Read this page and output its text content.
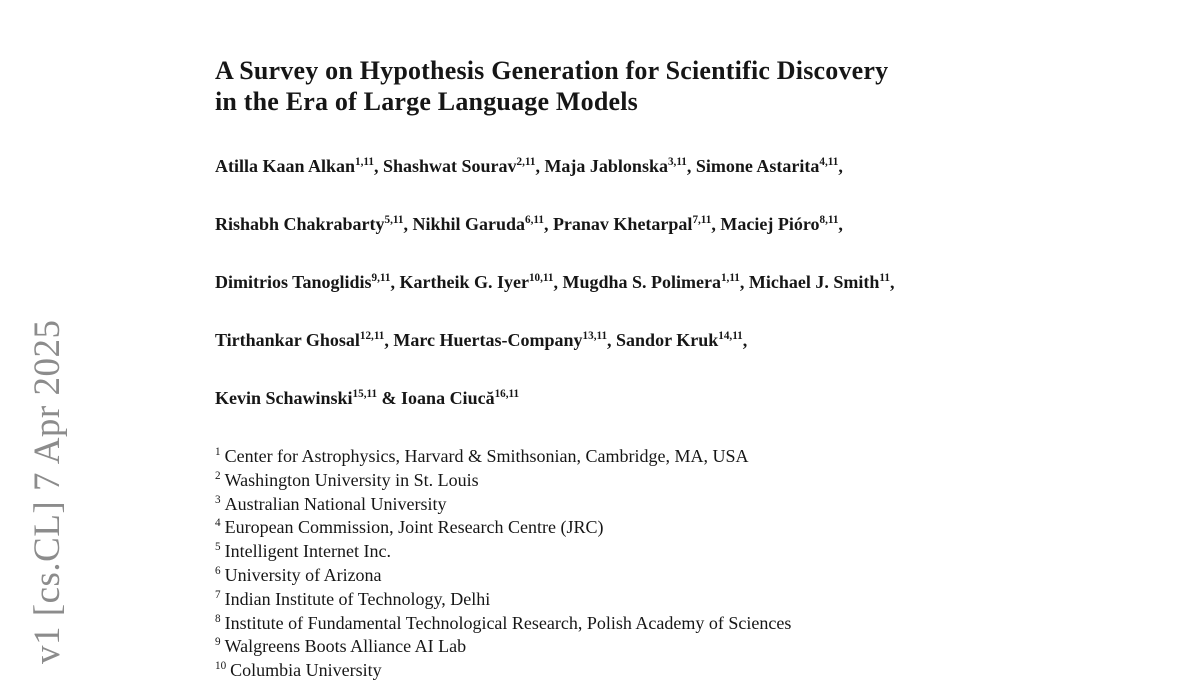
v1 [cs.CL] 7 Apr 2025
A Survey on Hypothesis Generation for Scientific Discovery
in the Era of Large Language Models
Atilla Kaan Alkan$^{1,11}$, Shashwat Sourav$^{2,11}$, Maja Jablonska$^{3,11}$, Simone Astarita$^{4,11}$,
Rishabh Chakrabarty$^{5,11}$, Nikhil Garuda$^{6,11}$, Pranav Khetarpal$^{7,11}$, Maciej Pióro$^{8,11}$,
Dimitrios Tanoglidis$^{9,11}$, Kartheik G. Iyer$^{10,11}$, Mugdha S. Polimera$^{1,11}$, Michael J. Smith$^{11}$,
Tirthankar Ghosal$^{12,11}$, Marc Huertas-Company$^{13,11}$, Sandor Kruk$^{14,11}$,
Kevin Schawinski$^{15,11}$ & Ioana Ciucă$^{16,11}$
$^1$ Center for Astrophysics, Harvard & Smithsonian, Cambridge, MA, USA
$^2$ Washington University in St. Louis
$^3$ Australian National University
$^4$ European Commission, Joint Research Centre (JRC)
$^5$ Intelligent Internet Inc.
$^6$ University of Arizona
$^7$ Indian Institute of Technology, Delhi
$^8$ Institute of Fundamental Technological Research, Polish Academy of Sciences
$^9$ Walgreens Boots Alliance AI Lab
$^{10}$ Columbia University
